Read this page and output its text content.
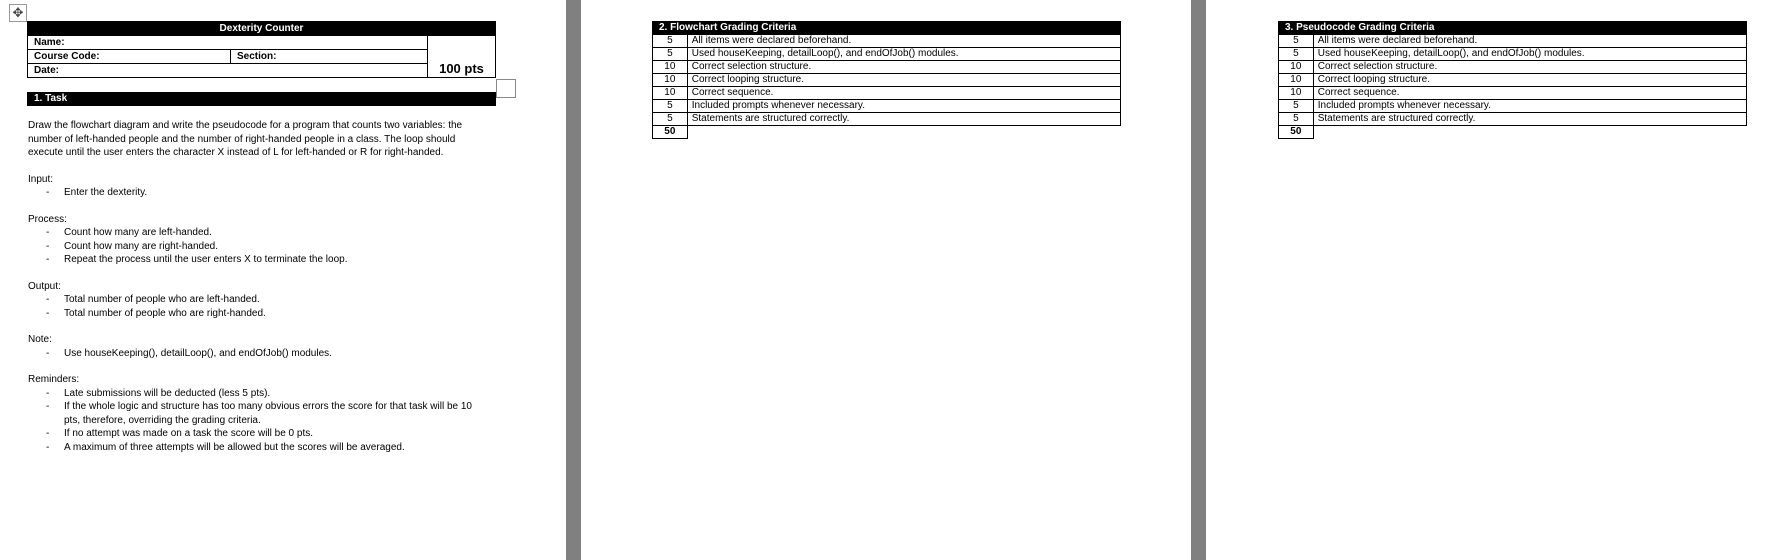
✥
Dexterity Counter		
Name:		100 pts
Course Code:	Section:	
Date:		
1. Task

Draw the flowchart diagram and write the pseudocode for a program that counts two variables: the number of left-handed people and the number of right-handed people in a class. The loop should execute until the user enters the character X instead of L for left-handed or R for right-handed.

Input:

- Enter the dexterity.

Process:

- Count how many are left-handed.
- Count how many are right-handed.
- Repeat the process until the user enters X to terminate the loop.

Output:

- Total number of people who are left-handed.
- Total number of people who are right-handed.

Note:

- Use houseKeeping(), detailLoop(), and endOfJob() modules.

Reminders:

- Late submissions will be deducted (less 5 pts).
- If the whole logic and structure has too many obvious errors the score for that task will be 10 pts, therefore, overriding the grading criteria.
- If no attempt was made on a task the score will be 0 pts.
- A maximum of three attempts will be allowed but the scores will be averaged.
2. Flowchart Grading Criteria	
5	All items were declared beforehand.
5	Used houseKeeping, detailLoop(), and endOfJob() modules.
10	Correct selection structure.
10	Correct looping structure.
10	Correct sequence.
5	Included prompts whenever necessary.
5	Statements are structured correctly.
50	
3. Pseudocode Grading Criteria	
5	All items were declared beforehand.
5	Used houseKeeping, detailLoop(), and endOfJob() modules.
10	Correct selection structure.
10	Correct looping structure.
10	Correct sequence.
5	Included prompts whenever necessary.
5	Statements are structured correctly.
50	
